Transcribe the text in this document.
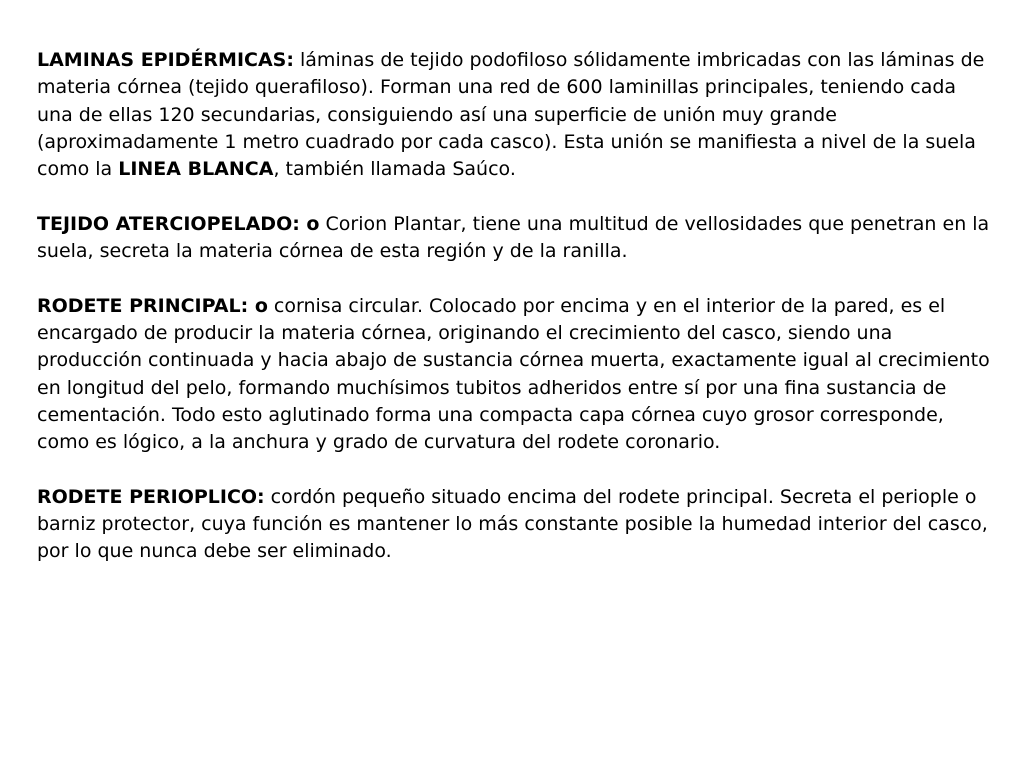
LAMINAS EPIDÉRMICAS: láminas de tejido podofiloso sólidamente imbricadas con las láminas de materia córnea (tejido querafiloso). Forman una red de 600 laminillas principales, teniendo cada una de ellas 120 secundarias, consiguiendo así una superficie de unión muy grande (aproximadamente 1 metro cuadrado por cada casco). Esta unión se manifiesta a nivel de la suela como la LINEA BLANCA, también llamada Saúco.

TEJIDO ATERCIOPELADO: o Corion Plantar, tiene una multitud de vellosidades que penetran en la suela, secreta la materia córnea de esta región y de la ranilla.

RODETE PRINCIPAL: o cornisa circular. Colocado por encima y en el interior de la pared, es el encargado de producir la materia córnea, originando el crecimiento del casco, siendo una producción continuada y hacia abajo de sustancia córnea muerta, exactamente igual al crecimiento en longitud del pelo, formando muchísimos tubitos adheridos entre sí por una fina sustancia de cementación. Todo esto aglutinado forma una compacta capa córnea cuyo grosor corresponde, como es lógico, a la anchura y grado de curvatura del rodete coronario.

RODETE PERIOPLICO: cordón pequeño situado encima del rodete principal. Secreta el periople o barniz protector, cuya función es mantener lo más constante posible la humedad interior del casco, por lo que nunca debe ser eliminado.
